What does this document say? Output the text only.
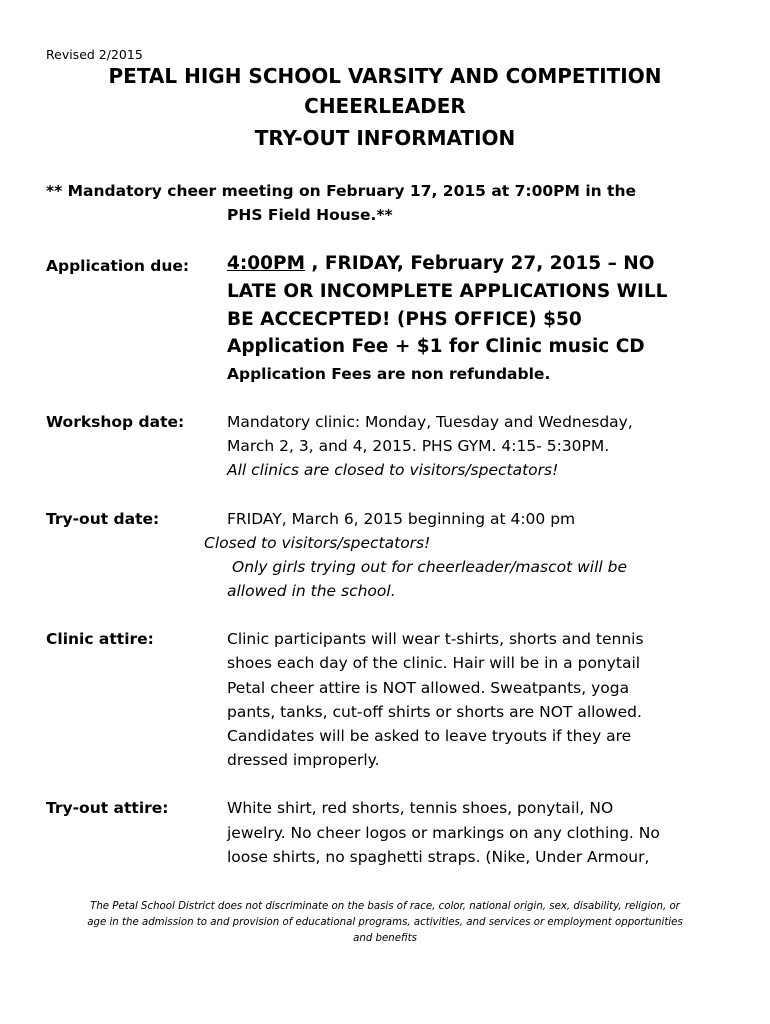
Revised 2/2015
PETAL HIGH SCHOOL VARSITY AND COMPETITION
CHEERLEADER
TRY-OUT INFORMATION
** Mandatory cheer meeting on February 17, 2015 at 7:00PM in the
PHS Field House.**
Application due: 4:00PM , FRIDAY, February 27, 2015 – NO
LATE OR INCOMPLETE APPLICATIONS WILL
BE ACCECPTED! (PHS OFFICE) $50
Application Fee + $1 for Clinic music CD
Application Fees are non refundable.
Workshop date:	Mandatory clinic: Monday, Tuesday and Wednesday,
March 2, 3, and 4, 2015. PHS GYM. 4:15- 5:30PM.
All clinics are closed to visitors/spectators!
Try-out date:	FRIDAY, March 6, 2015 beginning at 4:00 pm
Closed to visitors/spectators!
Only girls trying out for cheerleader/mascot will be
allowed in the school.
Clinic attire:	Clinic participants will wear t-shirts, shorts and tennis
shoes each day of the clinic. Hair will be in a ponytail
Petal cheer attire is NOT allowed. Sweatpants, yoga
pants, tanks, cut-off shirts or shorts are NOT allowed.
Candidates will be asked to leave tryouts if they are
dressed improperly.
Try-out attire:	White shirt, red shorts, tennis shoes, ponytail, NO
jewelry. No cheer logos or markings on any clothing. No
loose shirts, no spaghetti straps. (Nike, Under Armour,
The Petal School District does not discriminate on the basis of race, color, national origin, sex, disability, religion, or
age in the admission to and provision of educational programs, activities, and services or employment opportunities
and benefits
